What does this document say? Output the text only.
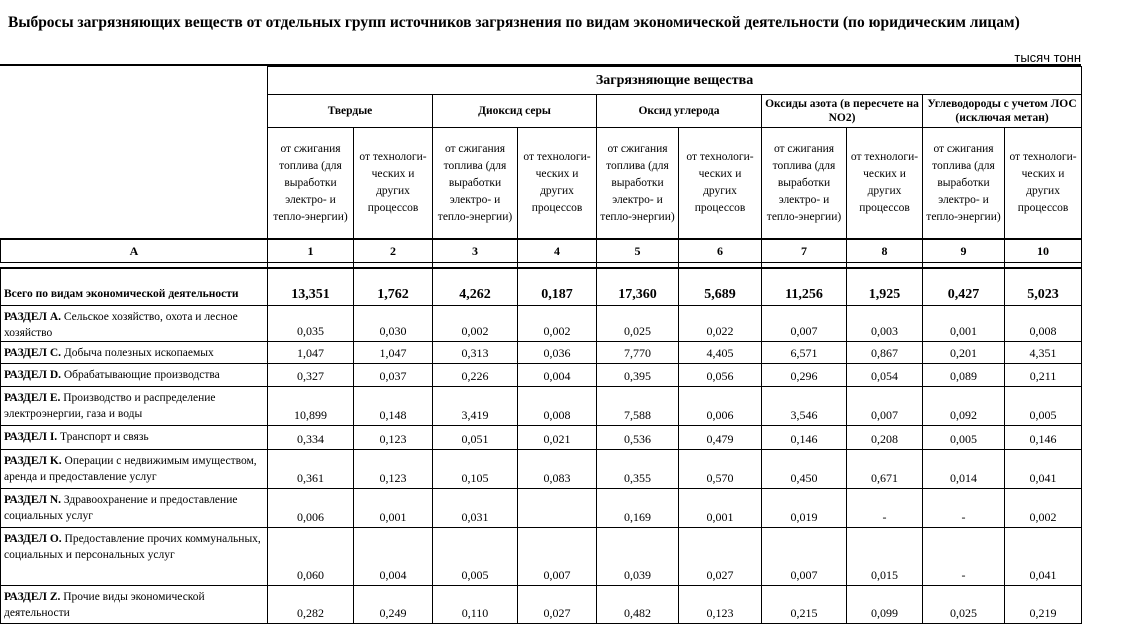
Выбросы загрязняющих веществ от отдельных групп источников загрязнения по видам экономической деятельности (по юридическим лицам)
тысяч тонн
	Загрязняющие вещества									
	Твердые		Диоксид серы		Оксид углерода		Оксиды азота (в пересчете на NO2)		Углеводороды с учетом ЛОС (исключая метан)	
	от сжигания топлива (для выработки электро- и тепло-энергии)	от технологи-ческих и других процессов	от сжигания топлива (для выработки электро- и тепло-энергии)	от технологи-ческих и других процессов	от сжигания топлива (для выработки электро- и тепло-энергии)	от технологи-ческих и других процессов	от сжигания топлива (для выработки электро- и тепло-энергии)	от технологи-ческих и других процессов	от сжигания топлива (для выработки электро- и тепло-энергии)	от технологи-ческих и других процессов
А	1	2	3	4	5	6	7	8	9	10

Всего по видам экономической деятельности	13,351	1,762	4,262	0,187	17,360	5,689	11,256	1,925	0,427	5,023
РАЗДЕЛ А. Сельское хозяйство, охота и лесное хозяйство	0,035	0,030	0,002	0,002	0,025	0,022	0,007	0,003	0,001	0,008
РАЗДЕЛ С. Добыча полезных ископаемых	1,047	1,047	0,313	0,036	7,770	4,405	6,571	0,867	0,201	4,351
РАЗДЕЛ D. Обрабатывающие производства	0,327	0,037	0,226	0,004	0,395	0,056	0,296	0,054	0,089	0,211
РАЗДЕЛ E. Производство и распределение электроэнергии, газа и воды	10,899	0,148	3,419	0,008	7,588	0,006	3,546	0,007	0,092	0,005
РАЗДЕЛ I. Транспорт и связь	0,334	0,123	0,051	0,021	0,536	0,479	0,146	0,208	0,005	0,146
РАЗДЕЛ K. Операции с недвижимым имуществом, аренда и предоставление услуг	0,361	0,123	0,105	0,083	0,355	0,570	0,450	0,671	0,014	0,041
РАЗДЕЛ N. Здравоохранение и предоставление социальных услуг	0,006	0,001	0,031		0,169	0,001	0,019	-	-	0,002
РАЗДЕЛ O. Предоставление прочих коммунальных, социальных и персональных услуг	0,060	0,004	0,005	0,007	0,039	0,027	0,007	0,015	-	0,041
РАЗДЕЛ Z. Прочие виды экономической деятельности	0,282	0,249	0,110	0,027	0,482	0,123	0,215	0,099	0,025	0,219
